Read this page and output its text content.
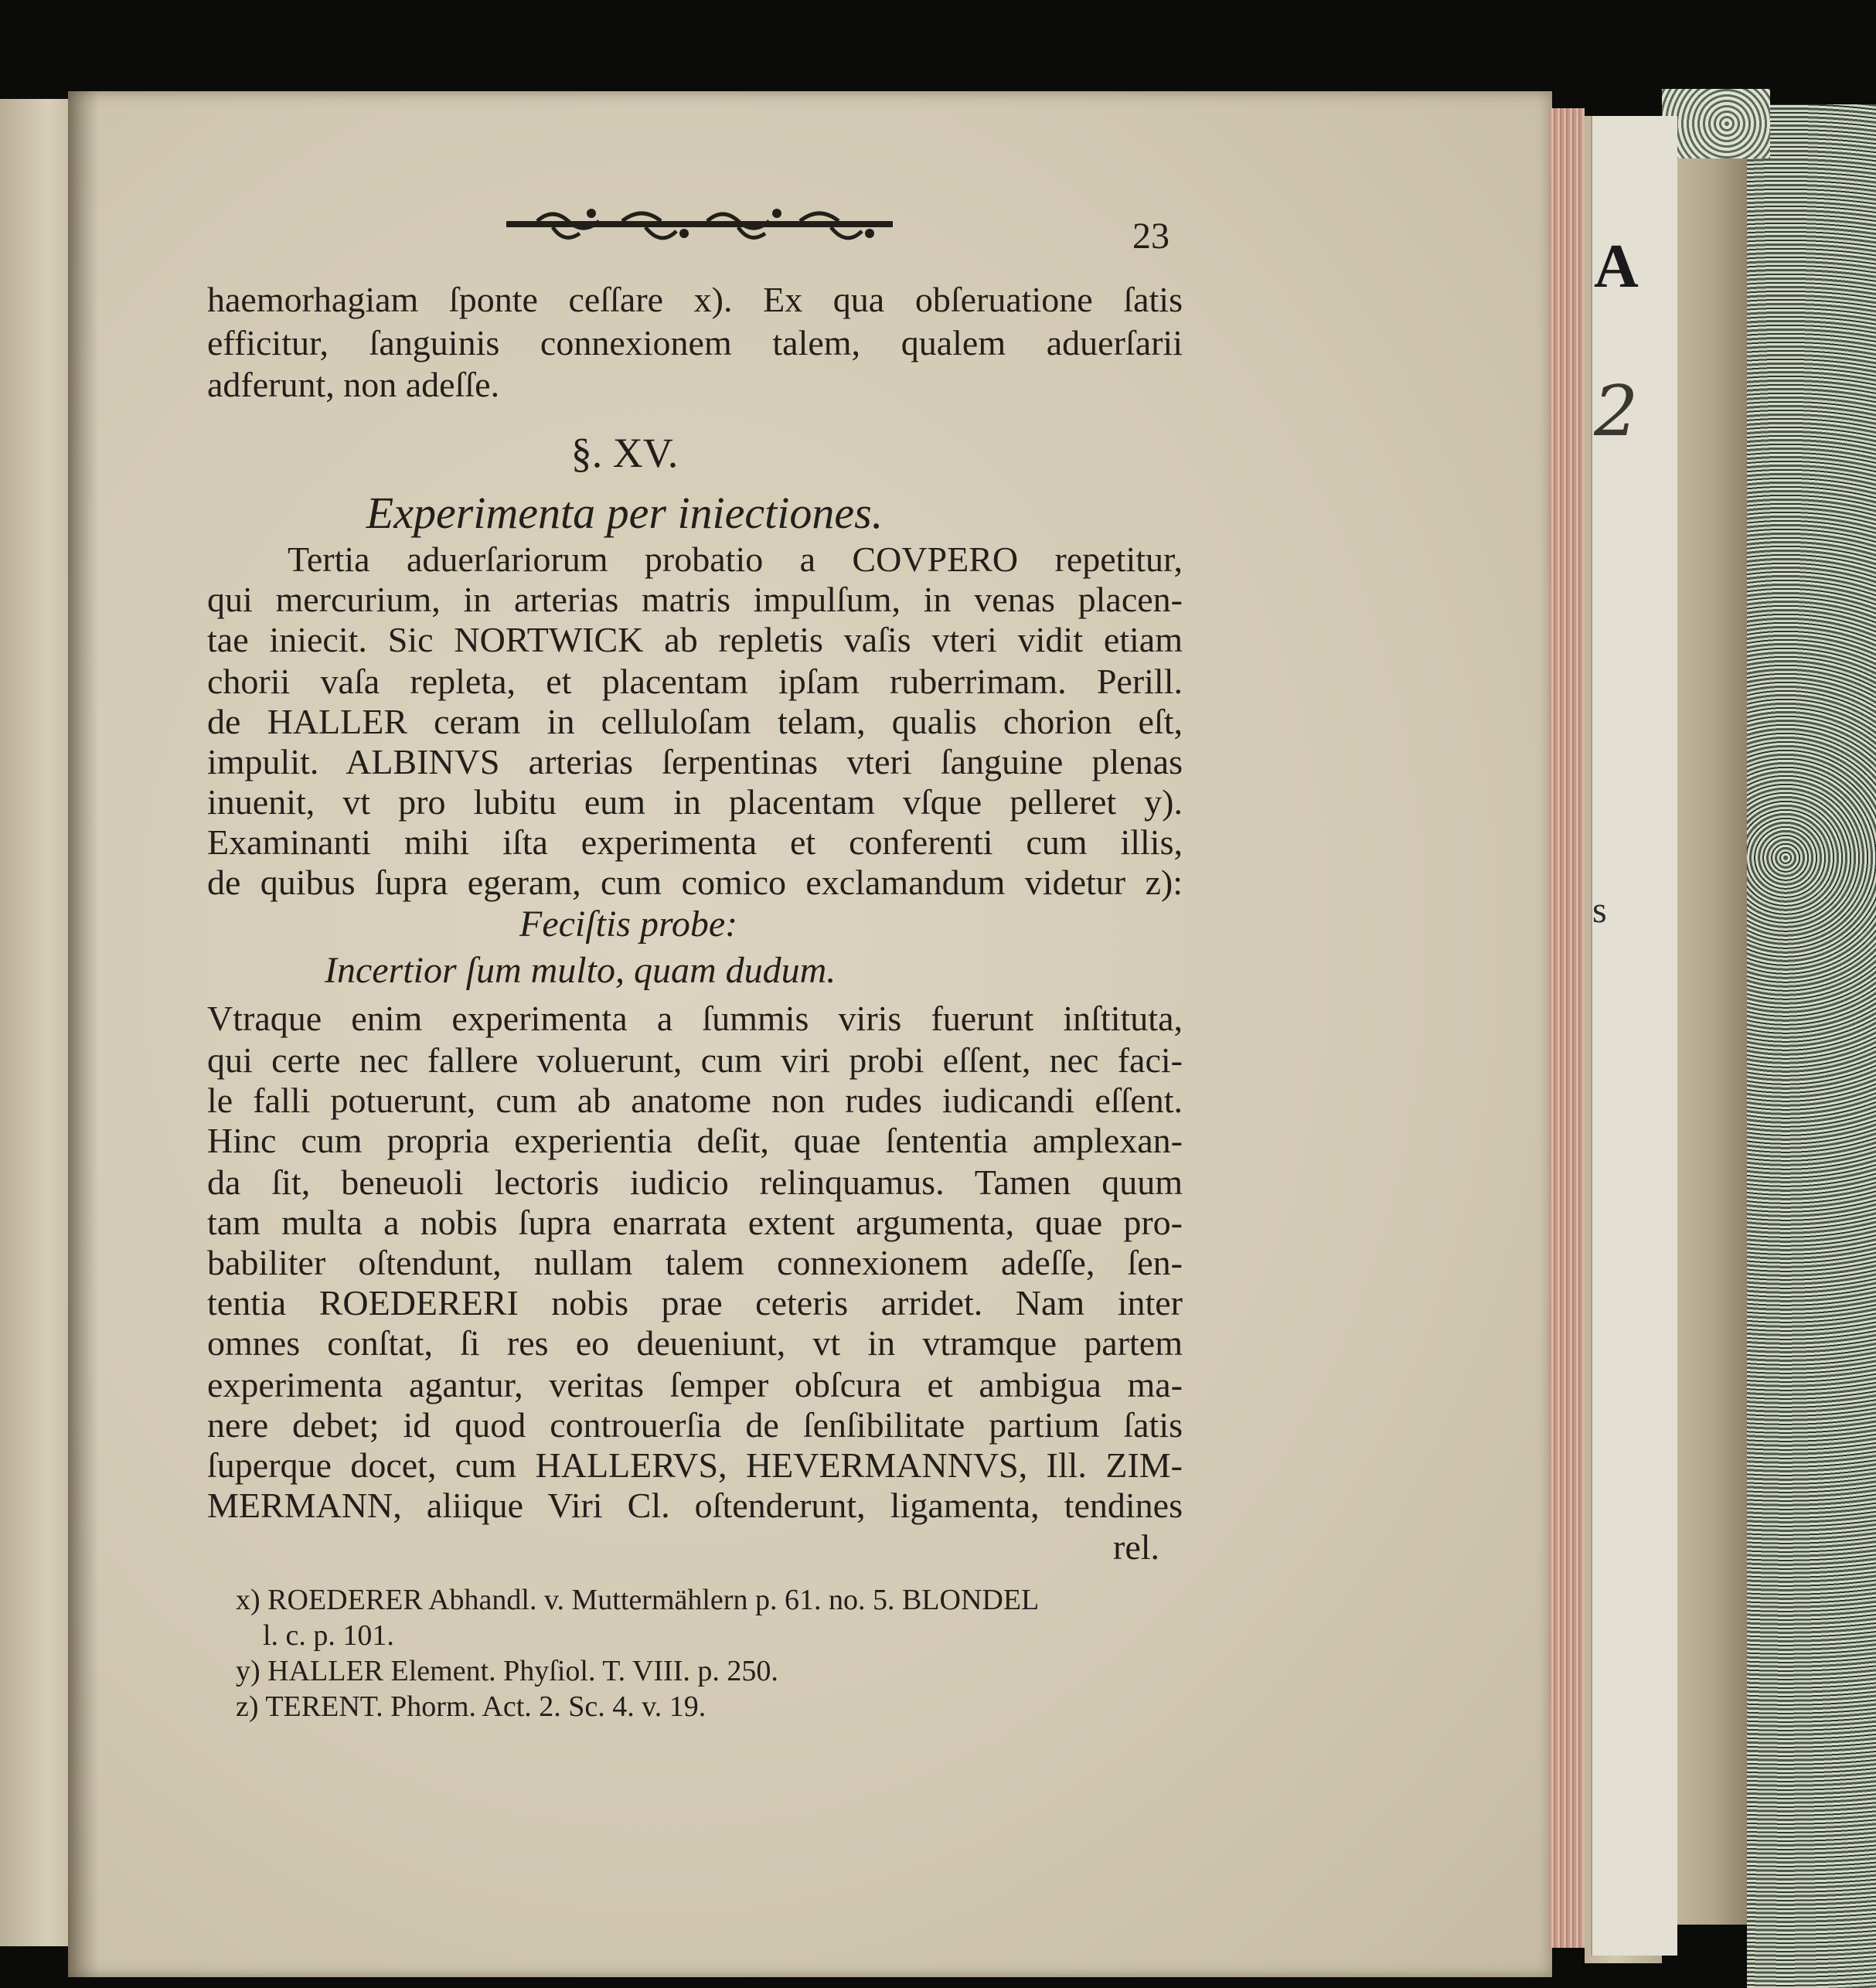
A
2
s
23
haemorhagiam ſponte ceſſare x). Ex qua obſeruatione ſatis
efficitur, ſanguinis connexionem talem, qualem aduerſarii
adferunt, non adeſſe.
§. XV.
Experimenta per iniectiones.
Tertia aduerſariorum probatio a COVPERO repetitur,
qui mercurium, in arterias matris impulſum, in venas placen-
tae iniecit. Sic NORTWICK ab repletis vaſis vteri vidit etiam
chorii vaſa repleta, et placentam ipſam ruberrimam. Perill.
de HALLER ceram in celluloſam telam, qualis chorion eſt,
impulit. ALBINVS arterias ſerpentinas vteri ſanguine plenas
inuenit, vt pro lubitu eum in placentam vſque pelleret y).
Examinanti mihi iſta experimenta et conferenti cum illis,
de quibus ſupra egeram, cum comico exclamandum videtur z):
Feciſtis probe:
Incertior ſum multo, quam dudum.
Vtraque enim experimenta a ſummis viris fuerunt inſtituta,
qui certe nec fallere voluerunt, cum viri probi eſſent, nec faci-
le falli potuerunt, cum ab anatome non rudes iudicandi eſſent.
Hinc cum propria experientia deſit, quae ſententia amplexan-
da ſit, beneuoli lectoris iudicio relinquamus. Tamen quum
tam multa a nobis ſupra enarrata extent argumenta, quae pro-
babiliter oſtendunt, nullam talem connexionem adeſſe, ſen-
tentia ROEDERERI nobis prae ceteris arridet. Nam inter
omnes conſtat, ſi res eo deueniunt, vt in vtramque partem
experimenta agantur, veritas ſemper obſcura et ambigua ma-
nere debet; id quod controuerſia de ſenſibilitate partium ſatis
ſuperque docet, cum HALLERVS, HEVERMANNVS, Ill. ZIM-
MERMANN, aliique Viri Cl. oſtenderunt, ligamenta, tendines
rel.
x) ROEDERER Abhandl. v. Muttermählern p. 61. no. 5. BLONDEL
l. c. p. 101.
y) HALLER Element. Phyſiol. T. VIII. p. 250.
z) TERENT. Phorm. Act. 2. Sc. 4. v. 19.
